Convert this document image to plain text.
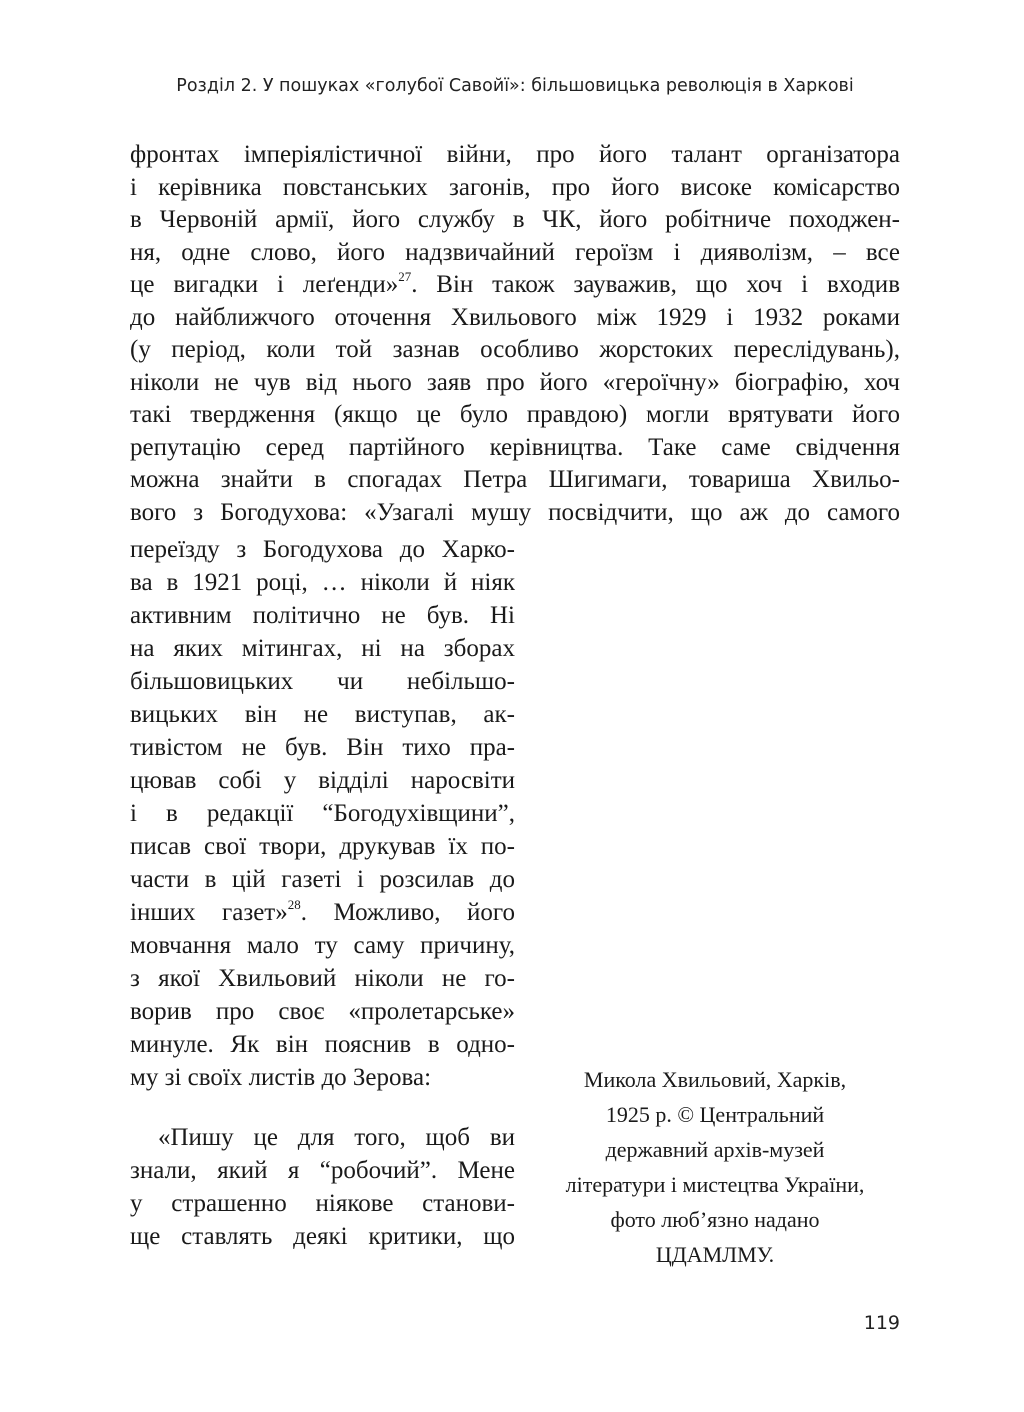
Розділ 2. У пошуках «голубої Савойї»: більшовицька революція в Харкові
фронтах імперіялістичної війни, про його талант організатора
і керівника повстанських загонів, про його високе комісарство
в Червоній армії, його службу в ЧК, його робітниче походжен-
ня, одне слово, його надзвичайний героїзм і дияволізм, – все
це вигадки і леґенди»$^{27}$. Він також зауважив, що хоч і входив
до найближчого оточення Хвильового між 1929 і 1932 роками
(у період, коли той зазнав особливо жорстоких переслідувань),
ніколи не чув від нього заяв про його «героїчну» біографію, хоч
такі твердження (якщо це було правдою) могли врятувати його
репутацію серед партійного керівництва. Таке саме свідчення
можна знайти в спогадах Петра Шигимаги, товариша Хвильо-
вого з Богодухова: «Узагалі мушу посвідчити, що аж до самого
переїзду з Богодухова до Харко-
ва в 1921 році, … ніколи й ніяк
активним політично не був. Ні
на яких мітингах, ні на зборах
більшовицьких чи небільшо-
вицьких він не виступав, ак-
тивістом не був. Він тихо пра-
цював собі у відділі наросвіти
і в редакції “Богодухівщини”,
писав свої твори, друкував їх по-
части в цій газеті і розсилав до
інших газет»$^{28}$. Можливо, його
мовчання мало ту саму причину,
з якої Хвильовий ніколи не го-
ворив про своє «пролетарське»
минуле. Як він пояснив в одно-
му зі своїх листів до Зерова:
«Пишу це для того, щоб ви
знали, який я “робочий”. Мене
у страшенно ніякове станови-
ще ставлять деякі критики, що
Микола Хвильовий, Харків,
1925 р. © Центральний
державний архів-музей
літератури і мистецтва України,
фото люб’язно надано
ЦДАМЛМУ.
119
